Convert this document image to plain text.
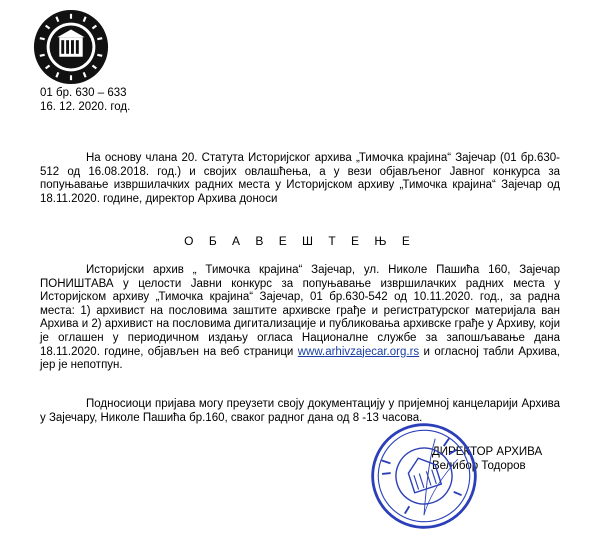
01 бр. 630 – 633
16. 12. 2020. год.
На основу члана 20. Статута Историјског архива „Тимочка крајина“ Зајечар (01 бр.630-512 од 16.08.2018. год.) и својих овлашћења, а у вези објављеног Јавног конкурса за попуњавање извршилачких радних места у Историјском архиву „Тимочка крајина“ Зајечар од 18.11.2020. године, директор Архива доноси
О Б А В Е Ш Т Е Њ Е
Историјски архив „ Тимочка крајина“ Зајечар, ул. Николе Пашића 160, Зајечар ПОНИШТАВА у целости Јавни конкурс за попуњавање извршилачких радних места у Историјском архиву „Тимочка крајина“ Зајечар, 01 бр.630-542 од 10.11.2020. год., за радна места: 1) архивист на пословима заштите архивске грађе и регистратурског материјала ван Архива и 2) архивист на пословима дигитализације и публиковања архивске грађе у Архиву, који је оглашен у периодичном издању огласа Националне службе за запошљавање дана 18.11.2020. године, објављен на веб страници www.arhivzajecar.org.rs и огласној табли Архива, јер је непотпун.
Подносиоци пријава могу преузети своју документацију у пријемној канцеларији Архива у Зајечару, Николе Пашића бр.160, сваког радног дана од 8 -13 часова.
ДИРЕКТОР АРХИВА
Велибор Тодоров
